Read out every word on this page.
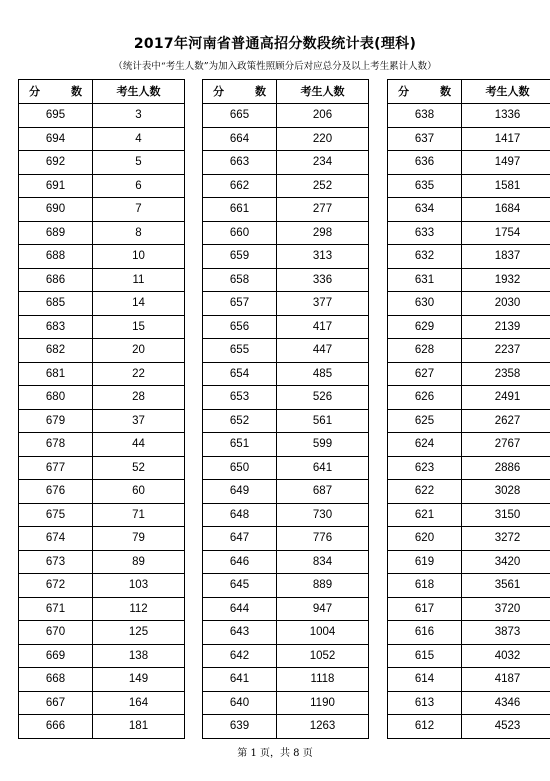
2017年河南省普通高招分数段统计表(理科)
（统计表中“考生人数”为加入政策性照顾分后对应总分及以上考生累计人数）
分　数	考生人数
695	3
694	4
692	5
691	6
690	7
689	8
688	10
686	11
685	14
683	15
682	20
681	22
680	28
679	37
678	44
677	52
676	60
675	71
674	79
673	89
672	103
671	112
670	125
669	138
668	149
667	164
666	181
分　数	考生人数
665	206
664	220
663	234
662	252
661	277
660	298
659	313
658	336
657	377
656	417
655	447
654	485
653	526
652	561
651	599
650	641
649	687
648	730
647	776
646	834
645	889
644	947
643	1004
642	1052
641	1118
640	1190
639	1263
分　数	考生人数
638	1336
637	1417
636	1497
635	1581
634	1684
633	1754
632	1837
631	1932
630	2030
629	2139
628	2237
627	2358
626	2491
625	2627
624	2767
623	2886
622	3028
621	3150
620	3272
619	3420
618	3561
617	3720
616	3873
615	4032
614	4187
613	4346
612	4523
第 1 页，共 8 页
